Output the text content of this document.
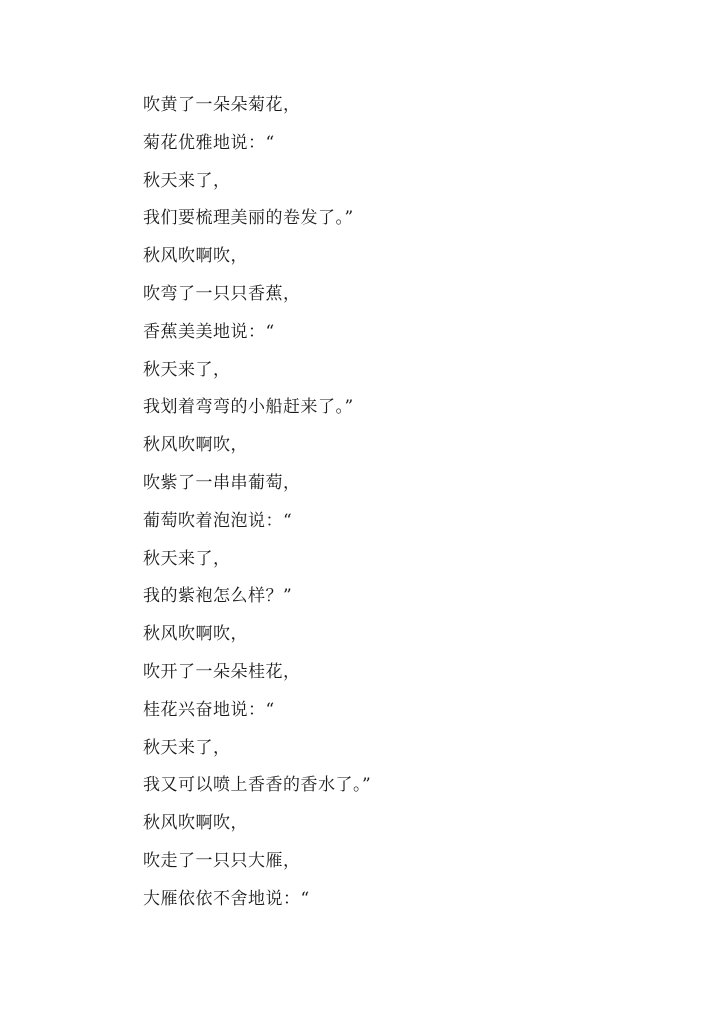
吹黄了一朵朵菊花，
菊花优雅地说：“
秋天来了，
我们要梳理美丽的卷发了。”
秋风吹啊吹，
吹弯了一只只香蕉，
香蕉美美地说：“
秋天来了，
我划着弯弯的小船赶来了。”
秋风吹啊吹，
吹紫了一串串葡萄，
葡萄吹着泡泡说：“
秋天来了，
我的紫袍怎么样？”
秋风吹啊吹，
吹开了一朵朵桂花，
桂花兴奋地说：“
秋天来了，
我又可以喷上香香的香水了。”
秋风吹啊吹，
吹走了一只只大雁，
大雁依依不舍地说：“
